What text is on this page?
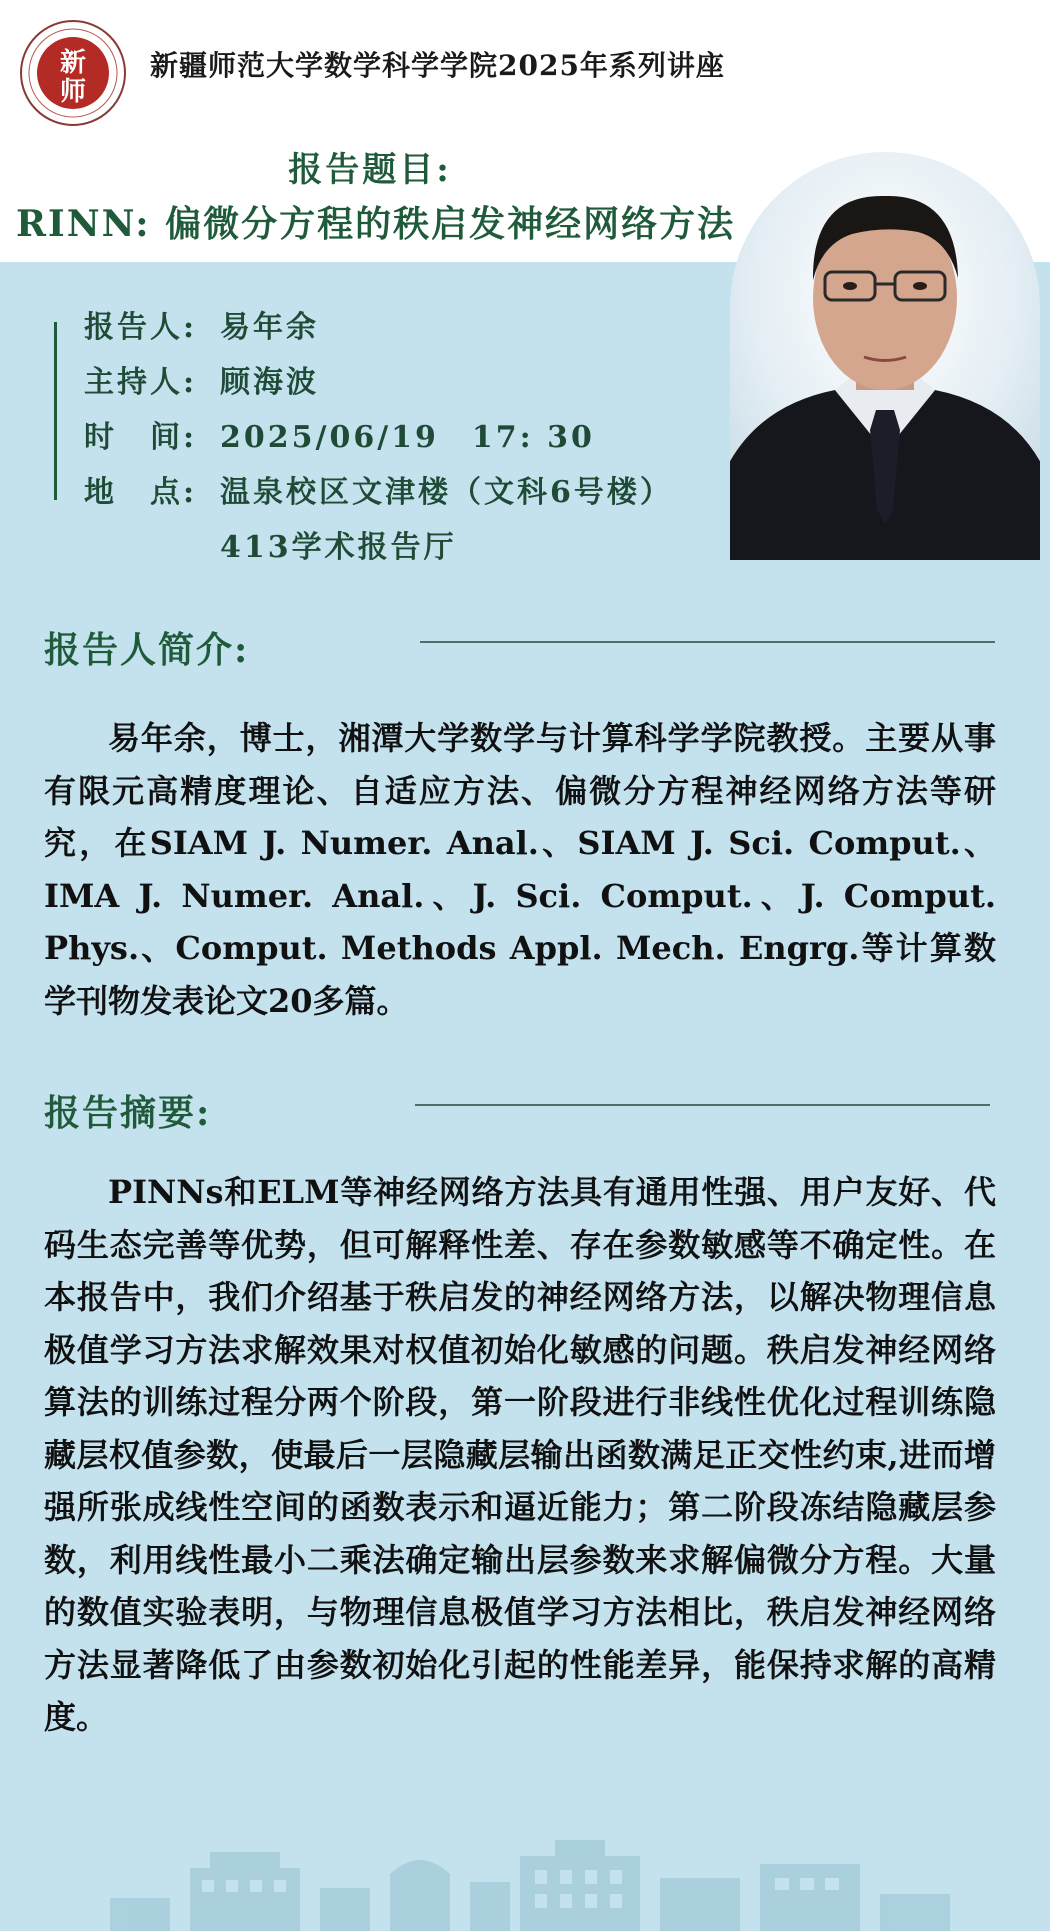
新
师
新疆师范大学数学科学学院2025年系列讲座
报告题目:
RINN: 偏微分方程的秩启发神经网络方法
报告人: 易年余
主持人: 顾海波
时　间: 2025/06/19　17: 30
地　点: 温泉校区文津楼（文科6号楼）
413学术报告厅
报告人简介:

易年余，博士，湘潭大学数学与计算科学学院教授。主要从事有限元高精度理论、自适应方法、偏微分方程神经网络方法等研究，在SIAM J. Numer. Anal.、SIAM J. Sci. Comput.、IMA J. Numer. Anal.、J. Sci. Comput.、J. Comput. Phys.、Comput. Methods Appl. Mech. Engrg.等计算数学刊物发表论文20多篇。

报告摘要:

PINNs和ELM等神经网络方法具有通用性强、用户友好、代码生态完善等优势，但可解释性差、存在参数敏感等不确定性。在本报告中，我们介绍基于秩启发的神经网络方法，以解决物理信息极值学习方法求解效果对权值初始化敏感的问题。秩启发神经网络算法的训练过程分两个阶段，第一阶段进行非线性优化过程训练隐藏层权值参数，使最后一层隐藏层输出函数满足正交性约束,进而增强所张成线性空间的函数表示和逼近能力；第二阶段冻结隐藏层参数，利用线性最小二乘法确定输出层参数来求解偏微分方程。大量的数值实验表明，与物理信息极值学习方法相比，秩启发神经网络方法显著降低了由参数初始化引起的性能差异，能保持求解的高精度。
